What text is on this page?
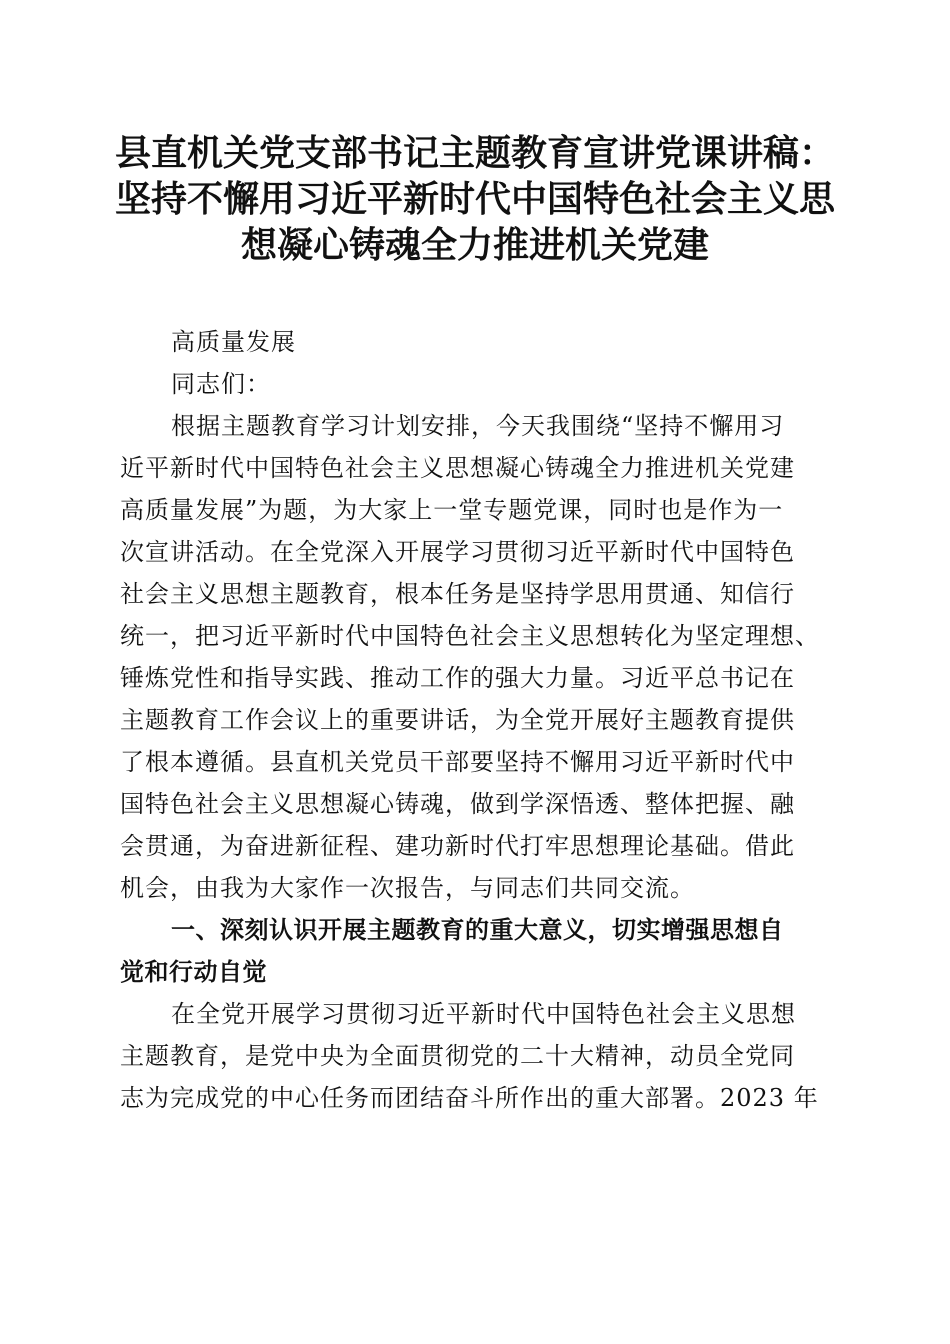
县直机关党支部书记主题教育宣讲党课讲稿：
坚持不懈用习近平新时代中国特色社会主义思
想凝心铸魂全力推进机关党建
高质量发展
同志们：
根据主题教育学习计划安排，今天我围绕“坚持不懈用习
近平新时代中国特色社会主义思想凝心铸魂全力推进机关党建
高质量发展”为题，为大家上一堂专题党课，同时也是作为一
次宣讲活动。在全党深入开展学习贯彻习近平新时代中国特色
社会主义思想主题教育，根本任务是坚持学思用贯通、知信行
统一，把习近平新时代中国特色社会主义思想转化为坚定理想、
锤炼党性和指导实践、推动工作的强大力量。习近平总书记在
主题教育工作会议上的重要讲话，为全党开展好主题教育提供
了根本遵循。县直机关党员干部要坚持不懈用习近平新时代中
国特色社会主义思想凝心铸魂，做到学深悟透、整体把握、融
会贯通，为奋进新征程、建功新时代打牢思想理论基础。借此
机会，由我为大家作一次报告，与同志们共同交流。
一、深刻认识开展主题教育的重大意义，切实增强思想自
觉和行动自觉
在全党开展学习贯彻习近平新时代中国特色社会主义思想
主题教育，是党中央为全面贯彻党的二十大精神，动员全党同
志为完成党的中心任务而团结奋斗所作出的重大部署。2023 年
